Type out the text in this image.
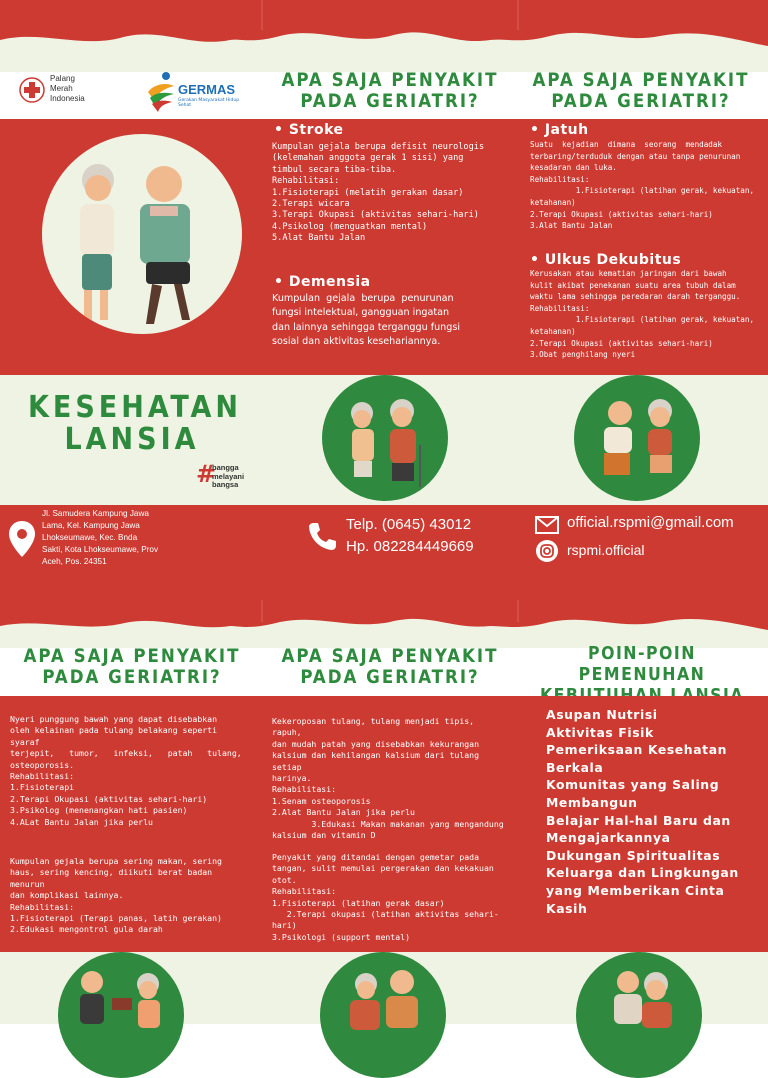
Palang
Merah
Indonesia
GERMAS
Gerakan Masyarakat Hidup Sehat
APA SAJA PENYAKIT PADA GERIATRI?
APA SAJA PENYAKIT PADA GERIATRI?
• Stroke
Kumpulan gejala berupa defisit neurologis
(kelemahan anggota gerak 1 sisi) yang
timbul secara tiba-tiba.
Rehabilitasi:
1.Fisioterapi (melatih gerakan dasar)
2.Terapi wicara
3.Terapi Okupasi (aktivitas sehari-hari)
4.Psikolog (menguatkan mental)
5.Alat Bantu Jalan
• Demensia
Kumpulan  gejala  berupa  penurunan
fungsi intelektual, gangguan ingatan
dan lainnya sehingga terganggu fungsi
sosial dan aktivitas kesehariannya.
• Jatuh
Suatu  kejadian  dimana  seorang  mendadak
terbaring/terduduk dengan atau tanpa penurunan
kesadaran dan luka.
Rehabilitasi:
1.Fisioterapi (latihan gerak, kekuatan,
ketahanan)
2.Terapi Okupasi (aktivitas sehari-hari)
3.Alat Bantu Jalan
• Ulkus Dekubitus
Kerusakan atau kematian jaringan dari bawah
kulit akibat penekanan suatu area tubuh dalam
waktu lama sehingga peredaran darah terganggu.
Rehabilitasi:
1.Fisioterapi (latihan gerak, kekuatan,
ketahanan)
2.Terapi Okupasi (aktivitas sehari-hari)
3.Obat penghilang nyeri
KESEHATAN
LANSIA
#
bangga
melayani
bangsa
Jl. Samudera Kampung Jawa
Lama, Kel. Kampung Jawa
Lhokseumawe, Kec. Bnda
Sakti, Kota Lhokseumawe, Prov
Aceh, Pos. 24351
Telp. (0645) 43012
Hp. 082284449669
official.rspmi@gmail.com
rspmi.official
APA SAJA PENYAKIT PADA GERIATRI?
APA SAJA PENYAKIT PADA GERIATRI?
POIN-POIN PEMENUHAN
Nyeri punggung bawah yang dapat disebabkan
oleh kelainan pada tulang belakang seperti syaraf
terjepit,   tumor,   infeksi,   patah   tulang,
osteoporosis.
Rehabilitasi:
1.Fisioterapi
2.Terapi Okupasi (aktivitas sehari-hari)
3.Psikolog (menenangkan hati pasien)
4.ALat Bantu Jalan jika perlu
Kumpulan gejala berupa sering makan, sering
haus, sering kencing, diikuti berat badan menurun
dan komplikasi lainnya.
Rehabilitasi:
1.Fisioterapi (Terapi panas, latih gerakan)
2.Edukasi mengontrol gula darah
Kekeroposan tulang, tulang menjadi tipis, rapuh,
dan mudah patah yang disebabkan kekurangan
kalsium dan kehilangan kalsium dari tulang setiap
harinya.
Rehabilitasi:
1.Senam osteoporosis
2.Alat Bantu Jalan jika perlu
3.Edukasi Makan makanan yang mengandung
kalsium dan vitamin D
Penyakit yang ditandai dengan gemetar pada
tangan, sulit memulai pergerakan dan kekakuan
otot.
Rehabilitasi:
1.Fisioterapi (latihan gerak dasar)
2.Terapi okupasi (latihan aktivitas sehari-hari)
3.Psikologi (support mental)
Asupan Nutrisi
Aktivitas Fisik
Pemeriksaan Kesehatan
Berkala
Komunitas yang Saling
Membangun
Belajar Hal-hal Baru dan
Mengajarkannya
Dukungan Spiritualitas
Keluarga dan Lingkungan
yang Memberikan Cinta Kasih
